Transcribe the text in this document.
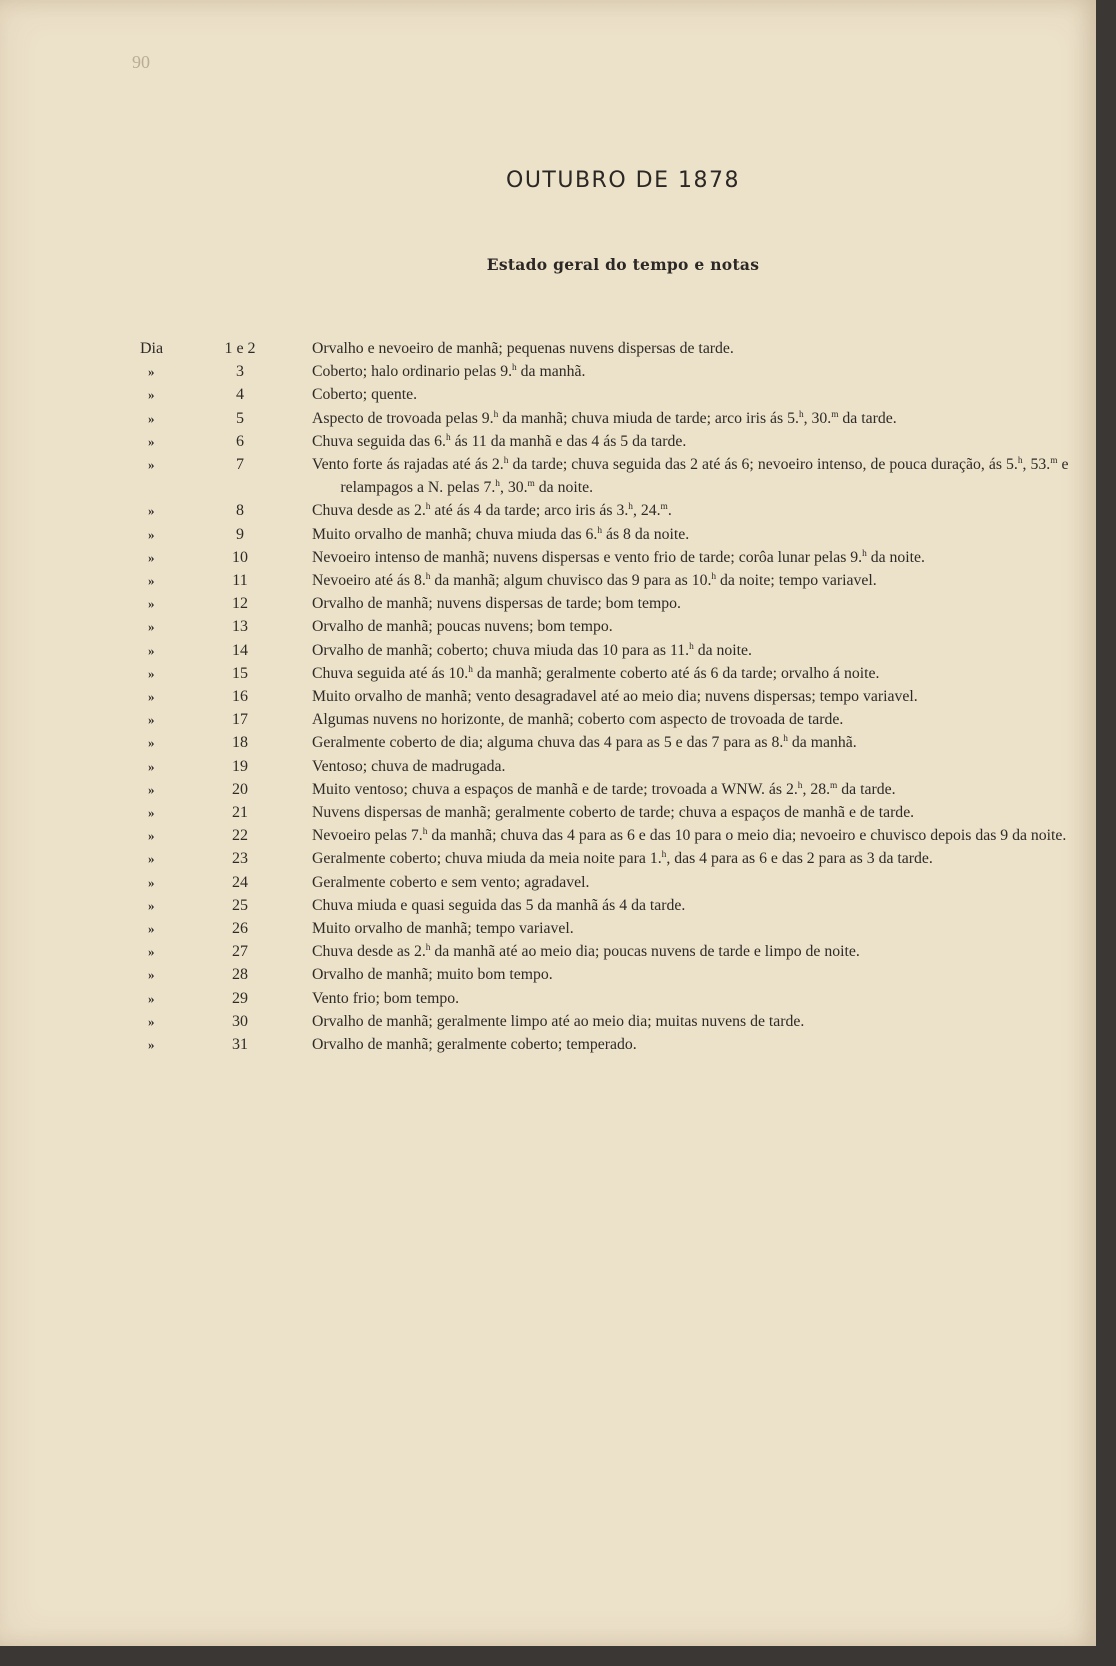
90
OUTUBRO DE 1878
Estado geral do tempo e notas
Dia	1 e 2	Orvalho e nevoeiro de manhã; pequenas nuvens dispersas de tarde.
»	3	Coberto; halo ordinario pelas 9.$^h$ da manhã.
»	4	Coberto; quente.
»	5	Aspecto de trovoada pelas 9.$^h$ da manhã; chuva miuda de tarde; arco iris ás 5.$^h$, 30.$^m$ da tarde.
»	6	Chuva seguida das 6.$^h$ ás 11 da manhã e das 4 ás 5 da tarde.
»	7	Vento forte ás rajadas até ás 2.$^h$ da tarde; chuva seguida das 2 até ás 6; nevoeiro intenso, de pouca duração, ás 5.$^h$, 53.$^m$ e relampagos a N. pelas 7.$^h$, 30.$^m$ da noite.
»	8	Chuva desde as 2.$^h$ até ás 4 da tarde; arco iris ás 3.$^h$, 24.$^m$.
»	9	Muito orvalho de manhã; chuva miuda das 6.$^h$ ás 8 da noite.
»	10	Nevoeiro intenso de manhã; nuvens dispersas e vento frio de tarde; corôa lunar pelas 9.$^h$ da noite.
»	11	Nevoeiro até ás 8.$^h$ da manhã; algum chuvisco das 9 para as 10.$^h$ da noite; tempo variavel.
»	12	Orvalho de manhã; nuvens dispersas de tarde; bom tempo.
»	13	Orvalho de manhã; poucas nuvens; bom tempo.
»	14	Orvalho de manhã; coberto; chuva miuda das 10 para as 11.$^h$ da noite.
»	15	Chuva seguida até ás 10.$^h$ da manhã; geralmente coberto até ás 6 da tarde; orvalho á noite.
»	16	Muito orvalho de manhã; vento desagradavel até ao meio dia; nuvens dispersas; tempo variavel.
»	17	Algumas nuvens no horizonte, de manhã; coberto com aspecto de trovoada de tarde.
»	18	Geralmente coberto de dia; alguma chuva das 4 para as 5 e das 7 para as 8.$^h$ da manhã.
»	19	Ventoso; chuva de madrugada.
»	20	Muito ventoso; chuva a espaços de manhã e de tarde; trovoada a WNW. ás 2.$^h$, 28.$^m$ da tarde.
»	21	Nuvens dispersas de manhã; geralmente coberto de tarde; chuva a espaços de manhã e de tarde.
»	22	Nevoeiro pelas 7.$^h$ da manhã; chuva das 4 para as 6 e das 10 para o meio dia; nevoeiro e chuvisco depois das 9 da noite.
»	23	Geralmente coberto; chuva miuda da meia noite para 1.$^h$, das 4 para as 6 e das 2 para as 3 da tarde.
»	24	Geralmente coberto e sem vento; agradavel.
»	25	Chuva miuda e quasi seguida das 5 da manhã ás 4 da tarde.
»	26	Muito orvalho de manhã; tempo variavel.
»	27	Chuva desde as 2.$^h$ da manhã até ao meio dia; poucas nuvens de tarde e limpo de noite.
»	28	Orvalho de manhã; muito bom tempo.
»	29	Vento frio; bom tempo.
»	30	Orvalho de manhã; geralmente limpo até ao meio dia; muitas nuvens de tarde.
»	31	Orvalho de manhã; geralmente coberto; temperado.
